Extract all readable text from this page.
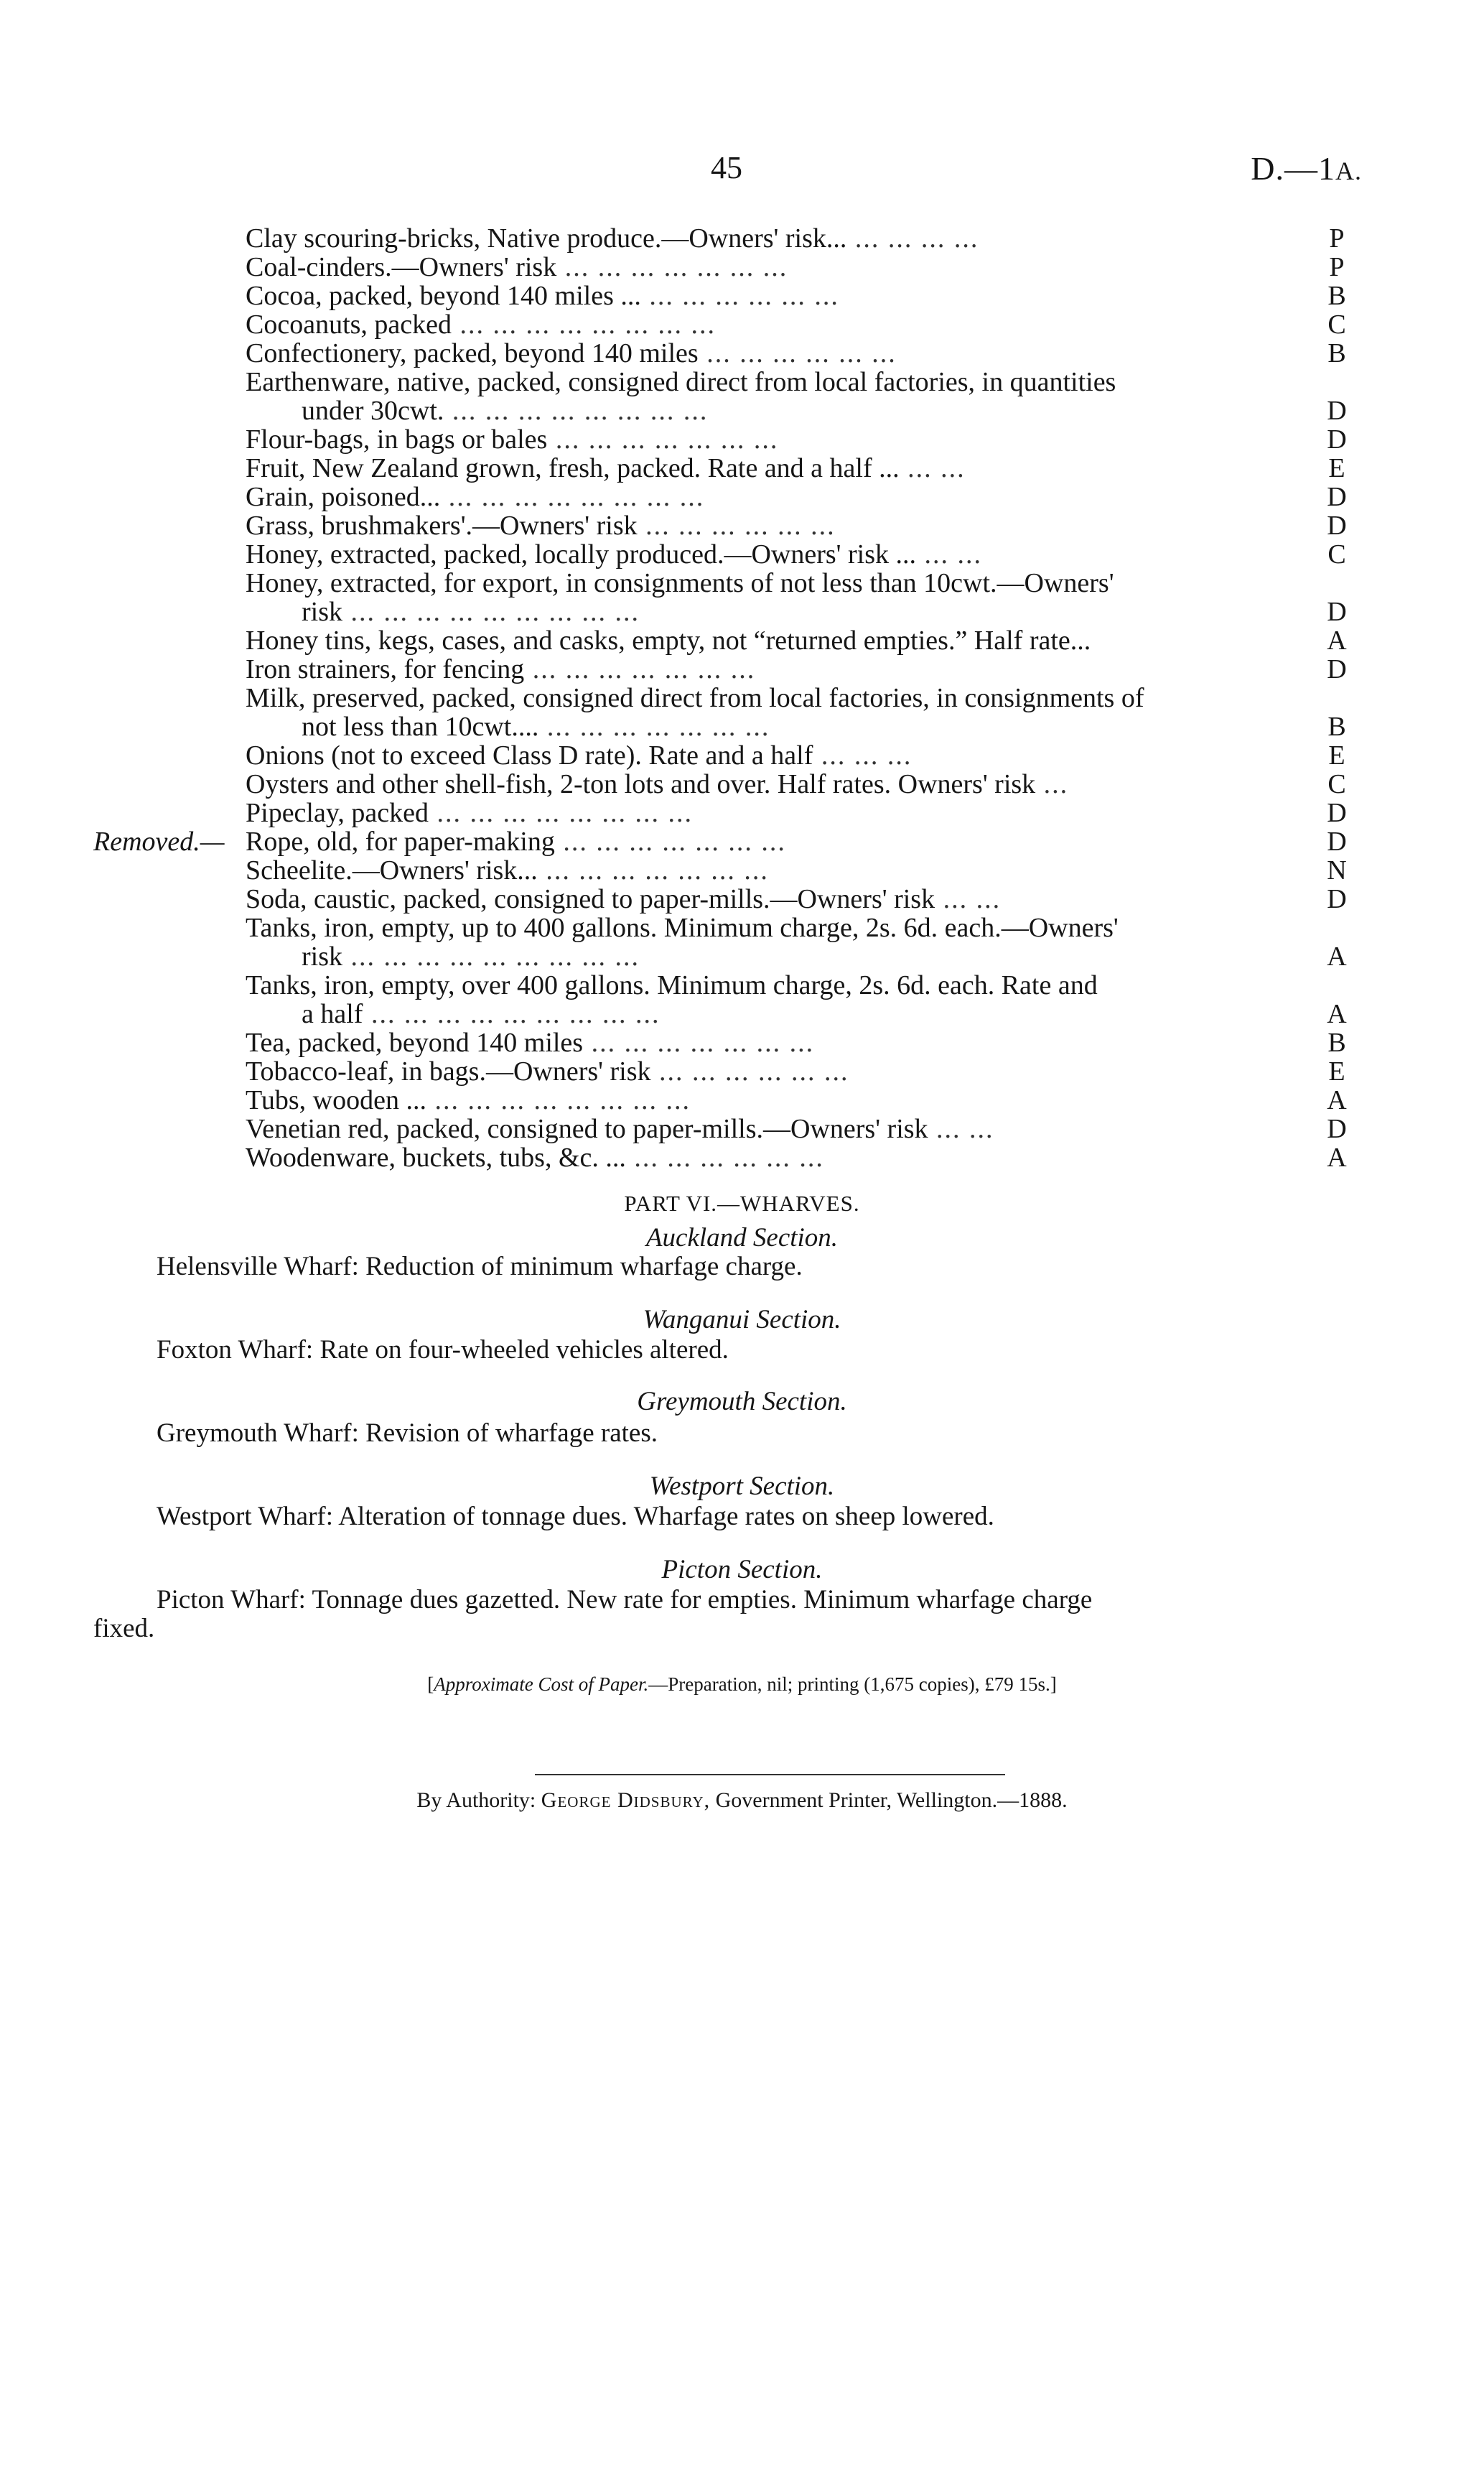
45	D.—1A.
Clay scouring-bricks, Native produce.—Owners' risk... ... ... ... ...	P
Coal-cinders.—Owners' risk ... ... ... ... ... ... ...	P
Cocoa, packed, beyond 140 miles ... ... ... ... ... ... ...	B
Cocoanuts, packed ... ... ... ... ... ... ... ...	C
Confectionery, packed, beyond 140 miles ... ... ... ... ... ...	B
Earthenware, native, packed, consigned direct from local factories, in quantities
under 30cwt. ... ... ... ... ... ... ... ...	D
Flour-bags, in bags or bales ... ... ... ... ... ... ...	D
Fruit, New Zealand grown, fresh, packed. Rate and a half ... ... ...	E
Grain, poisoned... ... ... ... ... ... ... ... ...	D
Grass, brushmakers'.—Owners' risk ... ... ... ... ... ...	D
Honey, extracted, packed, locally produced.—Owners' risk ... ... ...	C
Honey, extracted, for export, in consignments of not less than 10cwt.—Owners'
risk ... ... ... ... ... ... ... ... ...	D
Honey tins, kegs, cases, and casks, empty, not “returned empties.” Half rate...	A
Iron strainers, for fencing ... ... ... ... ... ... ...	D
Milk, preserved, packed, consigned direct from local factories, in consignments of
not less than 10cwt.... ... ... ... ... ... ... ...	B
Onions (not to exceed Class D rate). Rate and a half ... ... ...	E
Oysters and other shell-fish, 2-ton lots and over. Half rates. Owners' risk ...	C
Pipeclay, packed ... ... ... ... ... ... ... ...	D
Removed.— Rope, old, for paper-making ... ... ... ... ... ... ...	D
Scheelite.—Owners' risk... ... ... ... ... ... ... ...	N
Soda, caustic, packed, consigned to paper-mills.—Owners' risk ... ...	D
Tanks, iron, empty, up to 400 gallons. Minimum charge, 2s. 6d. each.—Owners'
risk ... ... ... ... ... ... ... ... ...	A
Tanks, iron, empty, over 400 gallons. Minimum charge, 2s. 6d. each. Rate and
a half ... ... ... ... ... ... ... ... ...	A
Tea, packed, beyond 140 miles ... ... ... ... ... ... ...	B
Tobacco-leaf, in bags.—Owners' risk ... ... ... ... ... ...	E
Tubs, wooden ... ... ... ... ... ... ... ... ...	A
Venetian red, packed, consigned to paper-mills.—Owners' risk ... ...	D
Woodenware, buckets, tubs, &c. ... ... ... ... ... ... ...	A
PART VI.—WHARVES.
Auckland Section.
Helensville Wharf: Reduction of minimum wharfage charge.
Wanganui Section.
Foxton Wharf: Rate on four-wheeled vehicles altered.
Greymouth Section.
Greymouth Wharf: Revision of wharfage rates.
Westport Section.
Westport Wharf: Alteration of tonnage dues. Wharfage rates on sheep lowered.
Picton Section.
Picton Wharf: Tonnage dues gazetted. New rate for empties. Minimum wharfage charge
fixed.
[Approximate Cost of Paper.—Preparation, nil; printing (1,675 copies), £79 15s.]
By Authority: George Didsbury, Government Printer, Wellington.—1888.
